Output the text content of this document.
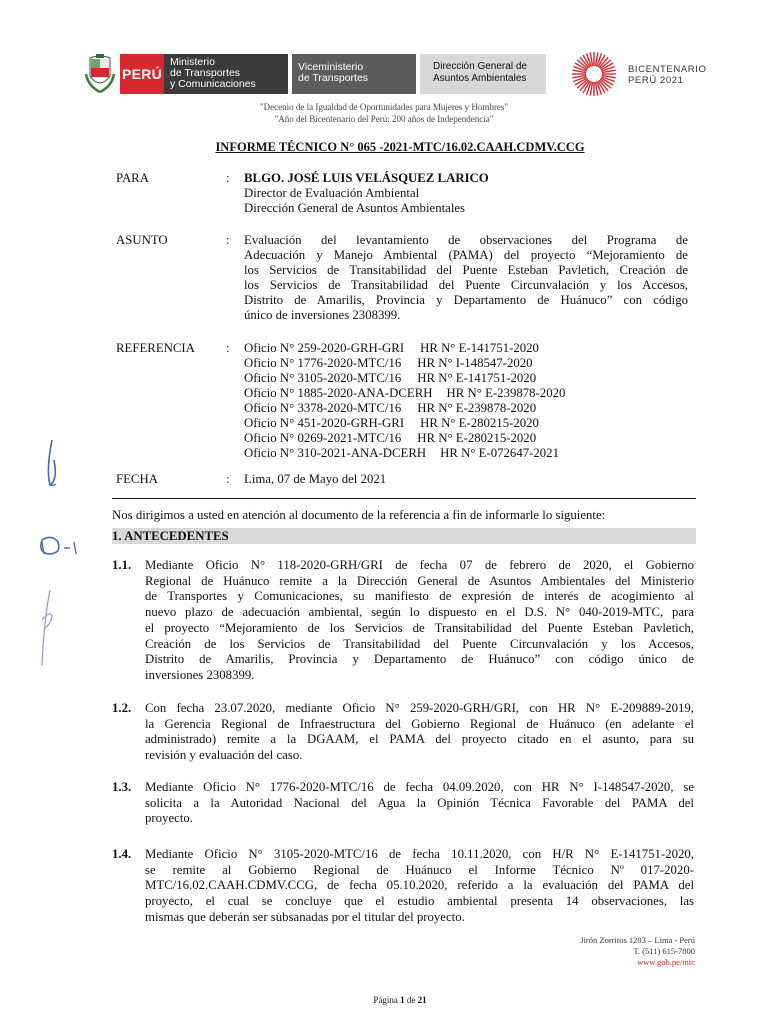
PERÚ
Ministerio
de Transportes
y Comunicaciones
Viceministerio
de Transportes
Dirección General de
Asuntos Ambientales
BICENTENARIO
PERÚ 2021
"Decenio de la Igualdad de Oportunidades para Mujeres y Hombres"
"Año del Bicentenario del Perú: 200 años de Independencia"
INFORME TÉCNICO N° 065 -2021-MTC/16.02.CAAH.CDMV.CCG
PARA	: BLGO. JOSÉ LUIS VELÁSQUEZ LARICO
Director de Evaluación Ambiental
Dirección General de Asuntos Ambientales
ASUNTO	: Evaluación del levantamiento de observaciones del Programa de
Adecuación y Manejo Ambiental (PAMA) del proyecto “Mejoramiento de
los Servicios de Transitabilidad del Puente Esteban Pavletich, Creación de
los Servicios de Transitabilidad del Puente Circunvalación y los Accesos,
Distrito de Amarilis, Provincia y Departamento de Huánuco” con código
único de inversiones 2308399.
REFERENCIA : Oficio N° 259-2020-GRH-GRI HR N° E-141751-2020
Oficio N° 1776-2020-MTC/16 HR N° I-148547-2020
Oficio N° 3105-2020-MTC/16 HR N° E-141751-2020
Oficio N° 1885-2020-ANA-DCERH HR N° E-239878-2020
Oficio N° 3378-2020-MTC/16 HR N° E-239878-2020
Oficio N° 451-2020-GRH-GRI HR N° E-280215-2020
Oficio N° 0269-2021-MTC/16 HR N° E-280215-2020
Oficio N° 310-2021-ANA-DCERH HR N° E-072647-2021
FECHA	: Lima, 07 de Mayo del 2021
Nos dirigimos a usted en atención al documento de la referencia a fin de informarle lo siguiente:
1. ANTECEDENTES
1.1. Mediante Oficio N° 118-2020-GRH/GRI de fecha 07 de febrero de 2020, el Gobierno
Regional de Huánuco remite a la Dirección General de Asuntos Ambientales del Ministerio
de Transportes y Comunicaciones, su manifiesto de expresión de interés de acogimiento al
nuevo plazo de adecuación ambiental, según lo dispuesto en el D.S. N° 040-2019-MTC, para
el proyecto “Mejoramiento de los Servicios de Transitabilidad del Puente Esteban Pavletich,
Creación de los Servicios de Transitabilidad del Puente Circunvalación y los Accesos,
Distrito de Amarilis, Provincia y Departamento de Huánuco” con código único de
inversiones 2308399.
1.2. Con fecha 23.07.2020, mediante Oficio N° 259-2020-GRH/GRI, con HR N° E-209889-2019,
la Gerencia Regional de Infraestructura del Gobierno Regional de Huánuco (en adelante el
administrado) remite a la DGAAM, el PAMA del proyecto citado en el asunto, para su
revisión y evaluación del caso.
1.3. Mediante Oficio N° 1776-2020-MTC/16 de fecha 04.09.2020, con HR N° I-148547-2020, se
solicita a la Autoridad Nacional del Agua la Opinión Técnica Favorable del PAMA del
proyecto.
1.4. Mediante Oficio N° 3105-2020-MTC/16 de fecha 10.11.2020, con H/R N° E-141751-2020,
se remite al Gobierno Regional de Huánuco el Informe Técnico Nº 017-2020-
MTC/16.02.CAAH.CDMV.CCG, de fecha 05.10.2020, referido a la evaluación del PAMA del
proyecto, el cual se concluye que el estudio ambiental presenta 14 observaciones, las
mismas que deberán ser subsanadas por el titular del proyecto.
Jirón Zorritos 1203 – Lima - Perú
T. (511) 615-7800
www.gob.pe/mtc
Página 1 de 21
